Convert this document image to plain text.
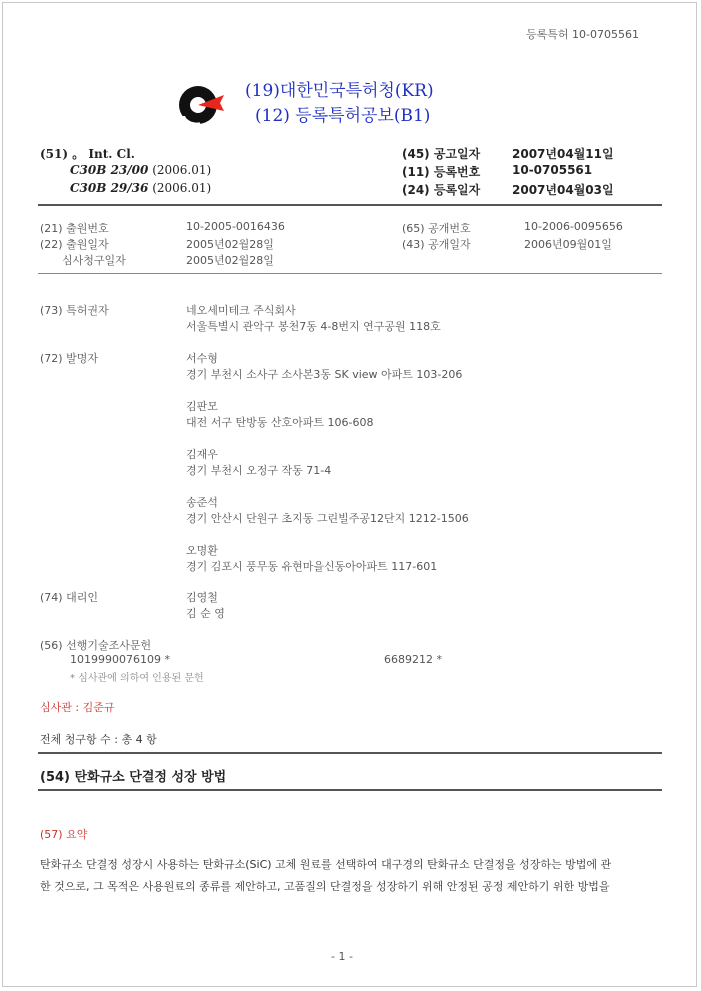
등록특허 10-0705561
(19)대한민국특허청(KR)
(12) 등록특허공보(B1)
(51) 。 Int. Cl.
C30B 23/00 (2006.01)
C30B 29/36 (2006.01)
(45) 공고일자	2007년04월11일
(11) 등록번호	10-0705561
(24) 등록일자	2007년04월03일
(21) 출원번호	10-2005-0016436
(22) 출원일자	2005년02월28일
심사청구일자	2005년02월28일
(65) 공개번호	10-2006-0095656
(43) 공개일자	2006년09월01일
(73) 특허권자	네오세미테크 주식회사
서울특별시 관악구 봉천7동 4-8번지 연구공원 118호
(72) 발명자	서수형
경기 부천시 소사구 소사본3동 SK view 아파트 103-206
김판모
대전 서구 탄방동 산호아파트 106-608
김재우
경기 부천시 오정구 작동 71-4
송준석
경기 안산시 단원구 초지동 그린빌주공12단지 1212-1506
오명환
경기 김포시 풍무동 유현마을신동아아파트 117-601
(74) 대리인	김영철
김 순 영
(56) 선행기술조사문헌
1019990076109 *	6689212 *
* 심사관에 의하여 인용된 문헌
심사관 : 김준규
전체 청구항 수 : 총 4 항
(54) 탄화규소 단결정 성장 방법
(57) 요약
탄화규소 단결정 성장시 사용하는 탄화규소(SiC) 고체 원료를 선택하여 대구경의 탄화규소 단결정을 성장하는 방법에 관
한 것으로, 그 목적은 사용원료의 종류를 제안하고, 고품질의 단결정을 성장하기 위해 안정된 공정 제안하기 위한 방법을
- 1 -
